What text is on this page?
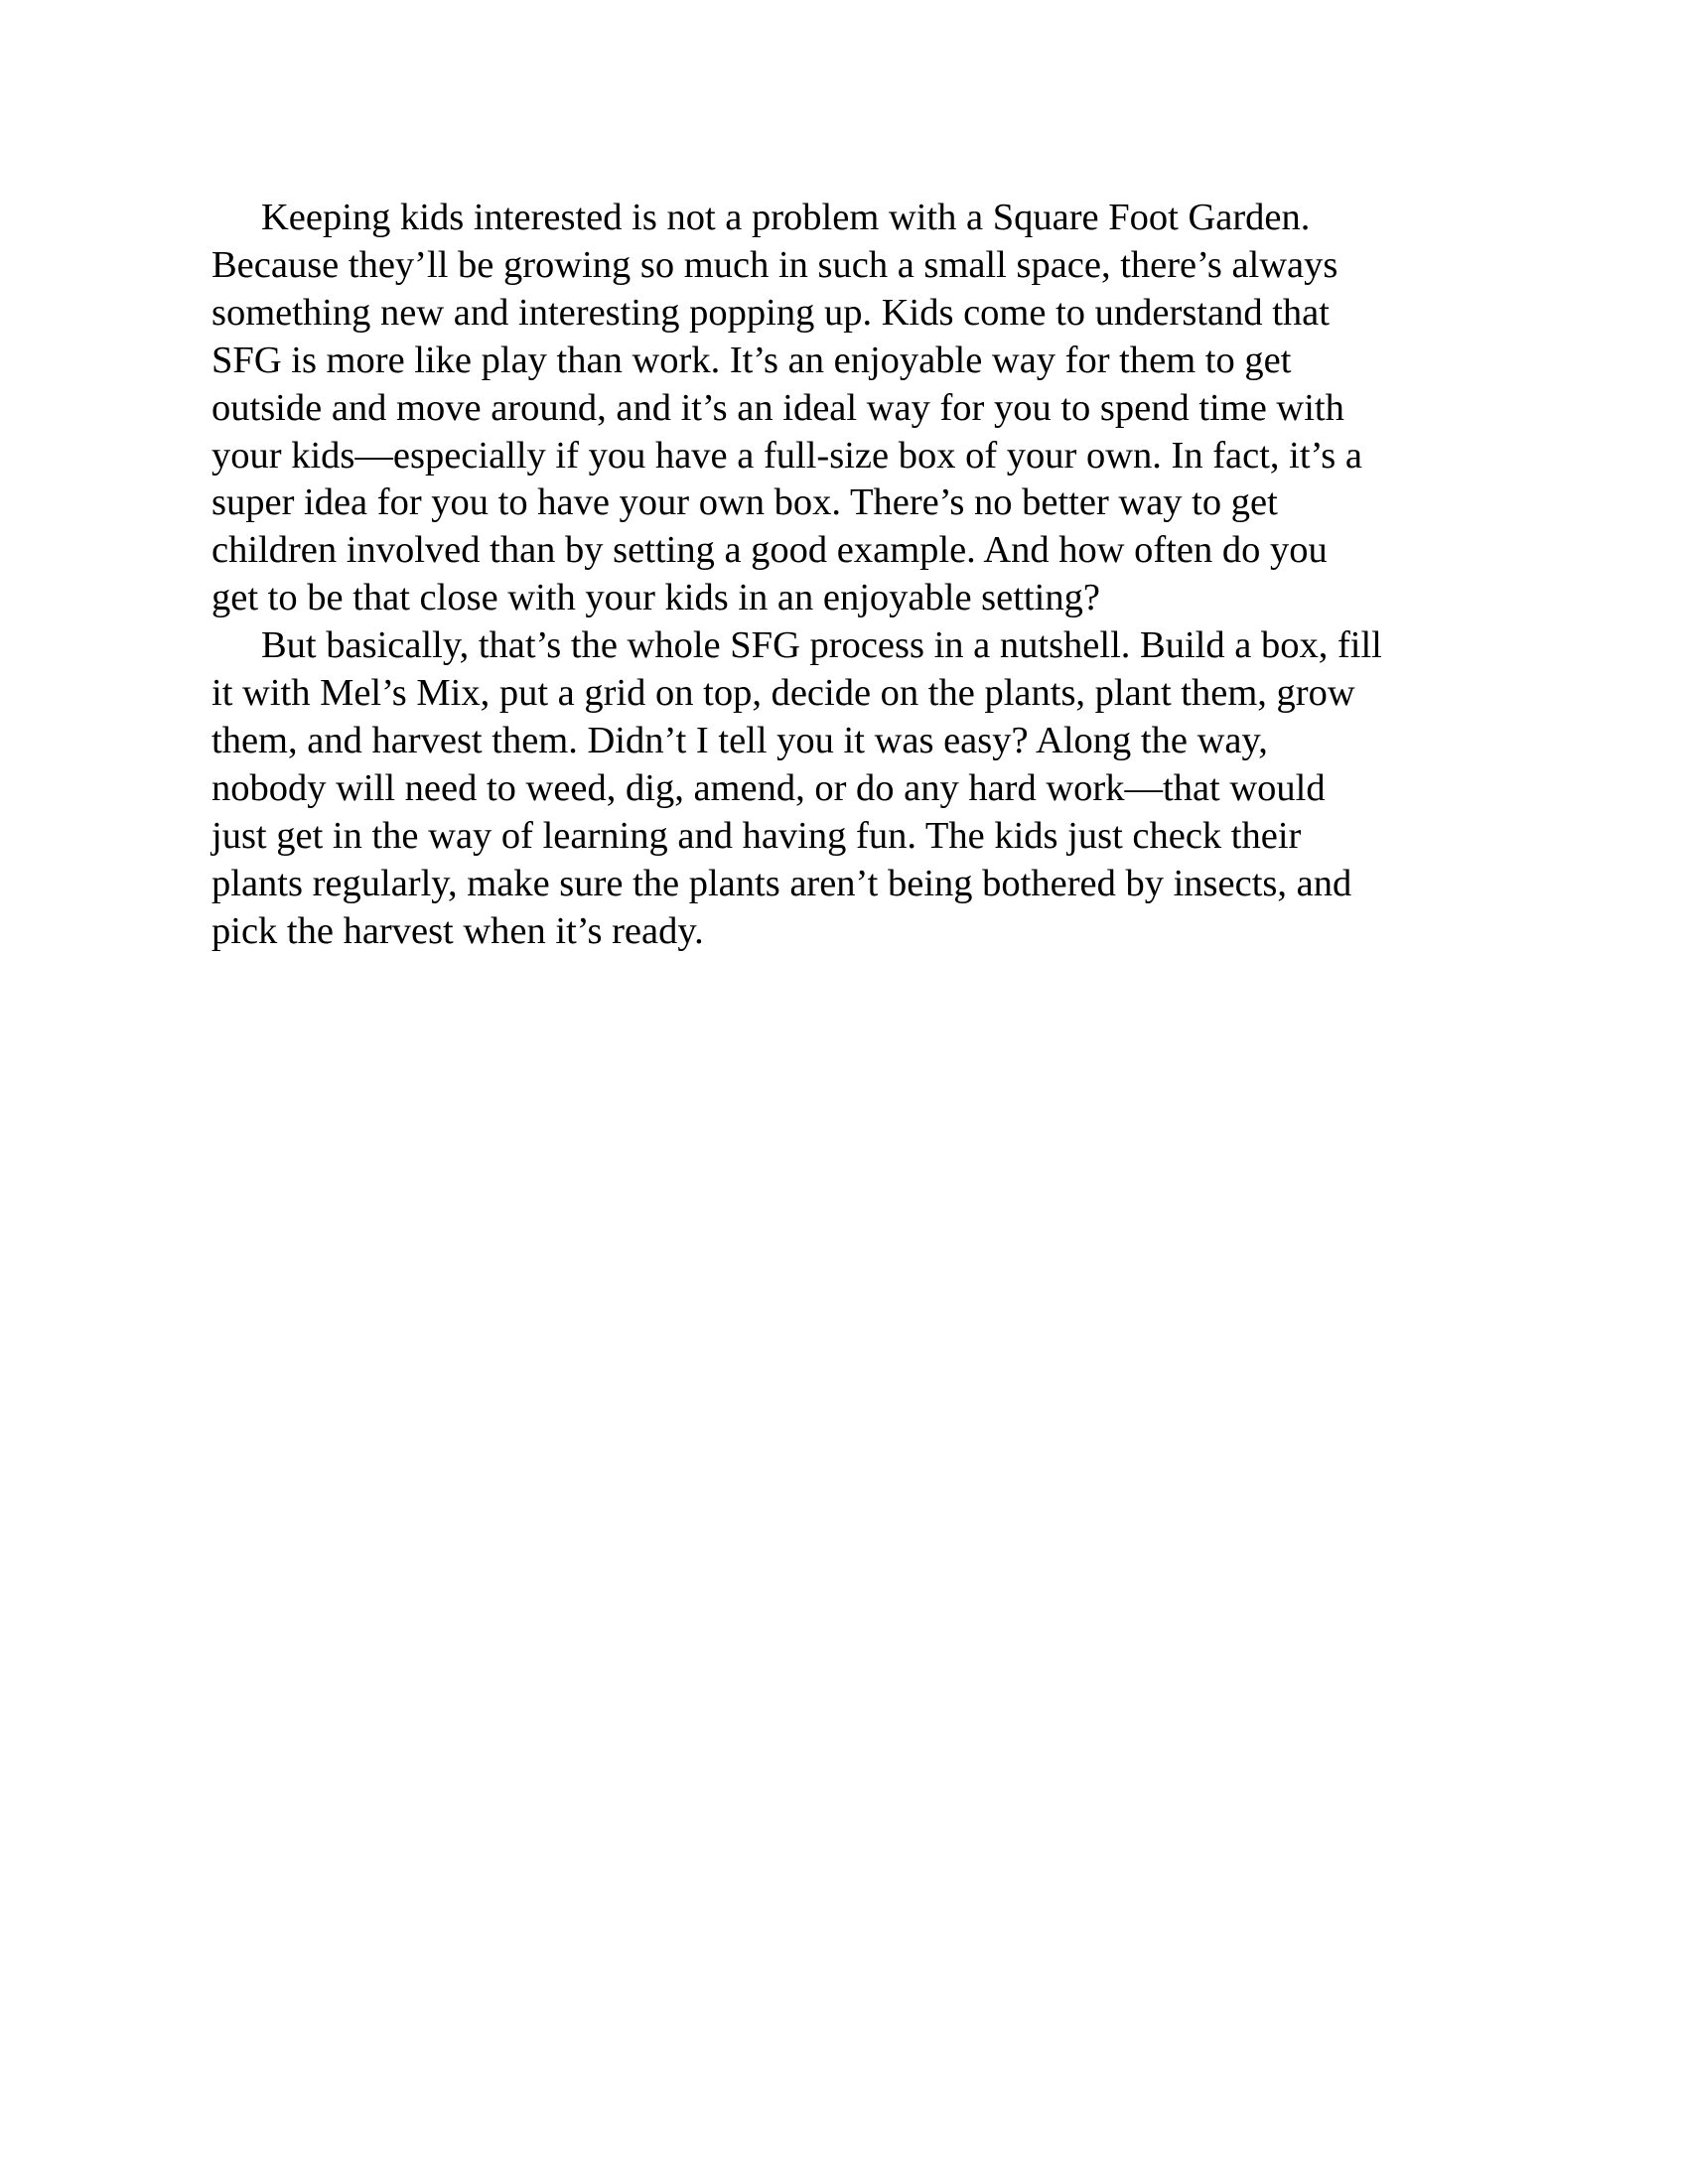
Keeping kids interested is not a problem with a Square Foot Garden.
Because they’ll be growing so much in such a small space, there’s always
something new and interesting popping up. Kids come to understand that
SFG is more like play than work. It’s an enjoyable way for them to get
outside and move around, and it’s an ideal way for you to spend time with
your kids—especially if you have a full-size box of your own. In fact, it’s a
super idea for you to have your own box. There’s no better way to get
children involved than by setting a good example. And how often do you
get to be that close with your kids in an enjoyable setting?

But basically, that’s the whole SFG process in a nutshell. Build a box, fill
it with Mel’s Mix, put a grid on top, decide on the plants, plant them, grow
them, and harvest them. Didn’t I tell you it was easy? Along the way,
nobody will need to weed, dig, amend, or do any hard work—that would
just get in the way of learning and having fun. The kids just check their
plants regularly, make sure the plants aren’t being bothered by insects, and
pick the harvest when it’s ready.
